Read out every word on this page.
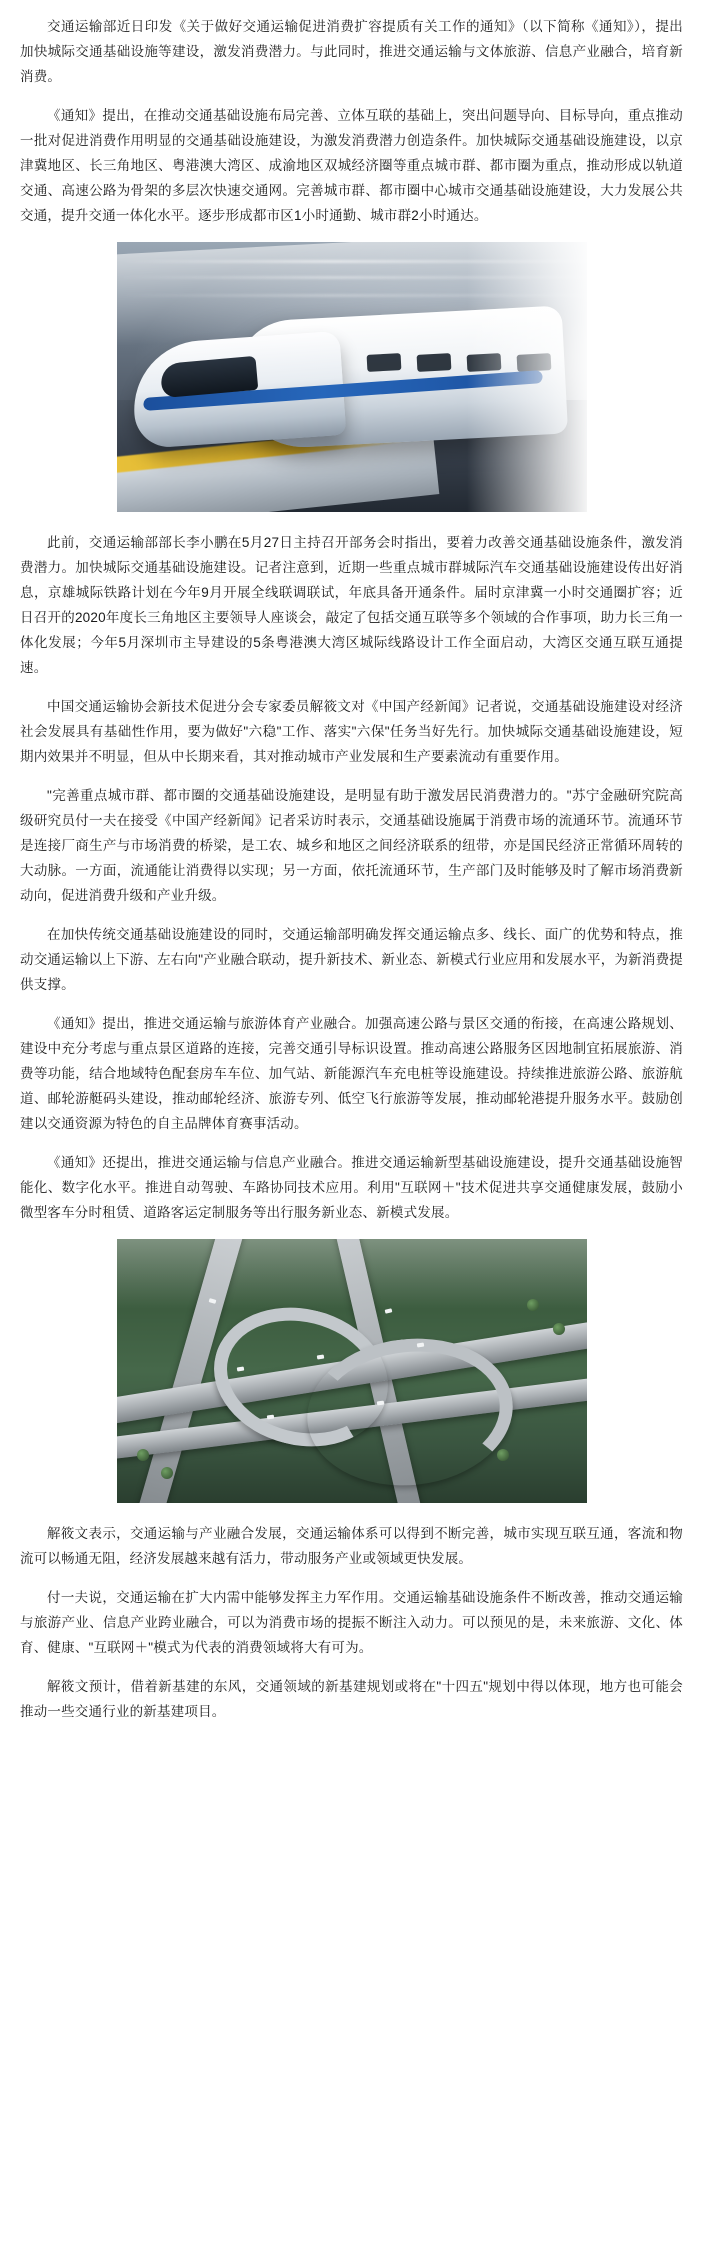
交通运输部近日印发《关于做好交通运输促进消费扩容提质有关工作的通知》（以下简称《通知》），提出加快城际交通基础设施等建设，激发消费潜力。与此同时，推进交通运输与文体旅游、信息产业融合，培育新消费。

《通知》提出，在推动交通基础设施布局完善、立体互联的基础上，突出问题导向、目标导向，重点推动一批对促进消费作用明显的交通基础设施建设，为激发消费潜力创造条件。加快城际交通基础设施建设，以京津冀地区、长三角地区、粤港澳大湾区、成渝地区双城经济圈等重点城市群、都市圈为重点，推动形成以轨道交通、高速公路为骨架的多层次快速交通网。完善城市群、都市圈中心城市交通基础设施建设，大力发展公共交通，提升交通一体化水平。逐步形成都市区1小时通勤、城市群2小时通达。

此前，交通运输部部长李小鹏在5月27日主持召开部务会时指出，要着力改善交通基础设施条件，激发消费潜力。加快城际交通基础设施建设。记者注意到，近期一些重点城市群城际汽车交通基础设施建设传出好消息，京雄城际铁路计划在今年9月开展全线联调联试，年底具备开通条件。届时京津冀一小时交通圈扩容；近日召开的2020年度长三角地区主要领导人座谈会，敲定了包括交通互联等多个领域的合作事项，助力长三角一体化发展；今年5月深圳市主导建设的5条粤港澳大湾区城际线路设计工作全面启动，大湾区交通互联互通提速。

中国交通运输协会新技术促进分会专家委员解筱文对《中国产经新闻》记者说，交通基础设施建设对经济社会发展具有基础性作用，要为做好"六稳"工作、落实"六保"任务当好先行。加快城际交通基础设施建设，短期内效果并不明显，但从中长期来看，其对推动城市产业发展和生产要素流动有重要作用。

"完善重点城市群、都市圈的交通基础设施建设，是明显有助于激发居民消费潜力的。"苏宁金融研究院高级研究员付一夫在接受《中国产经新闻》记者采访时表示，交通基础设施属于消费市场的流通环节。流通环节是连接厂商生产与市场消费的桥梁，是工农、城乡和地区之间经济联系的纽带，亦是国民经济正常循环周转的大动脉。一方面，流通能让消费得以实现；另一方面，依托流通环节，生产部门及时能够及时了解市场消费新动向，促进消费升级和产业升级。

在加快传统交通基础设施建设的同时，交通运输部明确发挥交通运输点多、线长、面广的优势和特点，推动交通运输以上下游、左右向"产业融合联动，提升新技术、新业态、新模式行业应用和发展水平，为新消费提供支撑。

《通知》提出，推进交通运输与旅游体育产业融合。加强高速公路与景区交通的衔接，在高速公路规划、建设中充分考虑与重点景区道路的连接，完善交通引导标识设置。推动高速公路服务区因地制宜拓展旅游、消费等功能，结合地域特色配套房车车位、加气站、新能源汽车充电桩等设施建设。持续推进旅游公路、旅游航道、邮轮游艇码头建设，推动邮轮经济、旅游专列、低空飞行旅游等发展，推动邮轮港提升服务水平。鼓励创建以交通资源为特色的自主品牌体育赛事活动。

《通知》还提出，推进交通运输与信息产业融合。推进交通运输新型基础设施建设，提升交通基础设施智能化、数字化水平。推进自动驾驶、车路协同技术应用。利用"互联网＋"技术促进共享交通健康发展，鼓励小微型客车分时租赁、道路客运定制服务等出行服务新业态、新模式发展。

解筱文表示，交通运输与产业融合发展，交通运输体系可以得到不断完善，城市实现互联互通，客流和物流可以畅通无阻，经济发展越来越有活力，带动服务产业或领域更快发展。

付一夫说，交通运输在扩大内需中能够发挥主力军作用。交通运输基础设施条件不断改善，推动交通运输与旅游产业、信息产业跨业融合，可以为消费市场的提振不断注入动力。可以预见的是，未来旅游、文化、体育、健康、"互联网＋"模式为代表的消费领域将大有可为。

解筱文预计，借着新基建的东风，交通领域的新基建规划或将在"十四五"规划中得以体现，地方也可能会推动一些交通行业的新基建项目。
